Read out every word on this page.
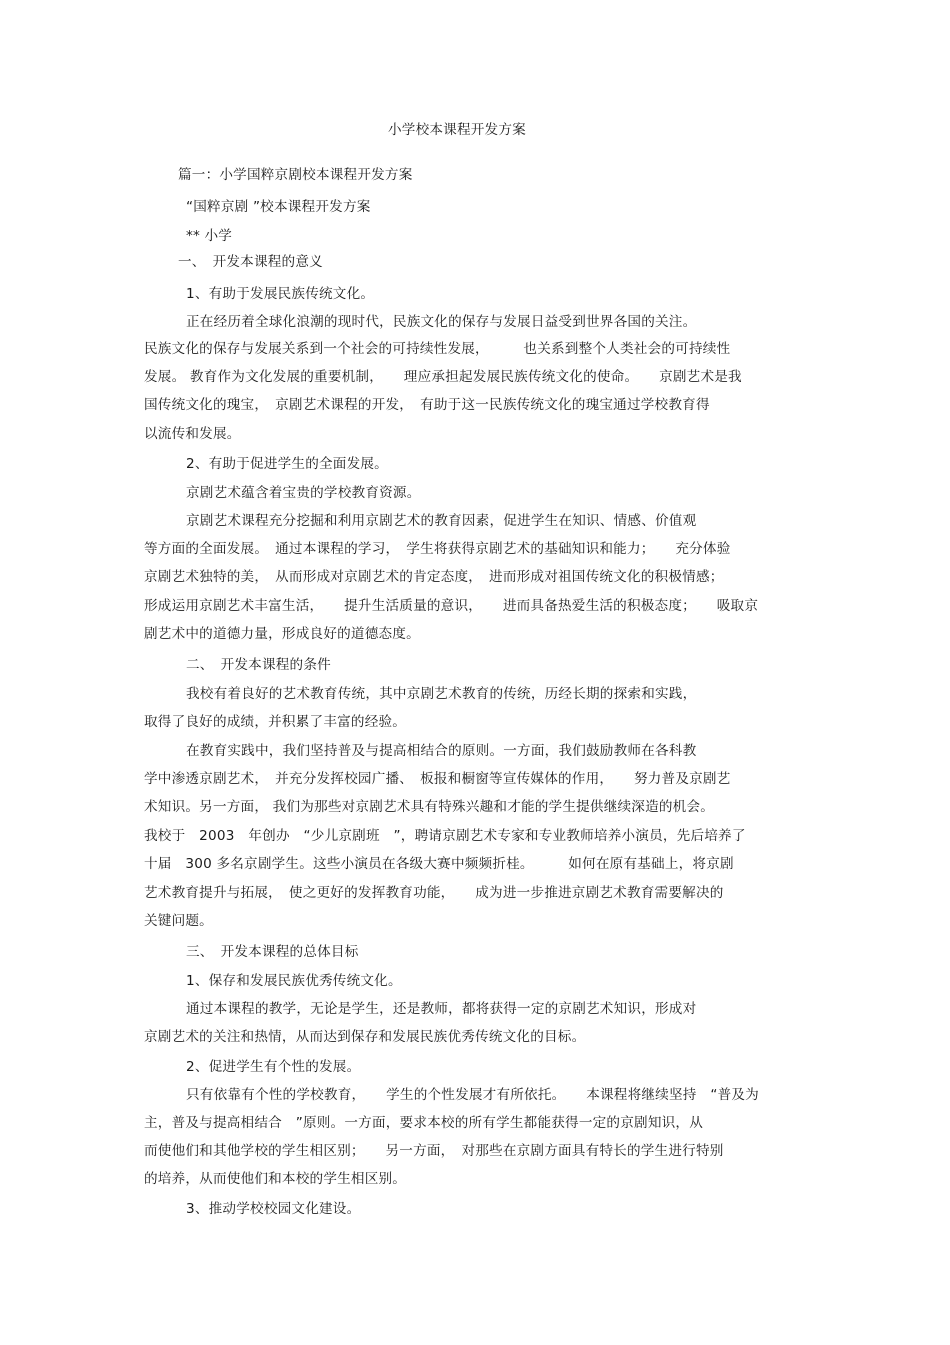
小学校本课程开发方案
篇一：小学国粹京剧校本课程开发方案
“国粹京剧 ”校本课程开发方案
** 小学
一、　开发本课程的意义
1、有助于发展民族传统文化。
正在经历着全球化浪潮的现时代，民族文化的保存与发展日益受到世界各国的关注。
民族文化的保存与发展关系到一个社会的可持续性发展，　　　也关系到整个人类社会的可持续性
发展。 教育作为文化发展的重要机制，　　理应承担起发展民族传统文化的使命。　　京剧艺术是我
国传统文化的瑰宝，　京剧艺术课程的开发，　有助于这一民族传统文化的瑰宝通过学校教育得
以流传和发展。
2、有助于促进学生的全面发展。
京剧艺术蕴含着宝贵的学校教育资源。
京剧艺术课程充分挖掘和利用京剧艺术的教育因素，促进学生在知识、情感、价值观
等方面的全面发展。　通过本课程的学习，　学生将获得京剧艺术的基础知识和能力；　　充分体验
京剧艺术独特的美，　从而形成对京剧艺术的肯定态度，　进而形成对祖国传统文化的积极情感；
形成运用京剧艺术丰富生活，　　提升生活质量的意识，　　进而具备热爱生活的积极态度；　　吸取京
剧艺术中的道德力量，形成良好的道德态度。
二、　开发本课程的条件
我校有着良好的艺术教育传统，其中京剧艺术教育的传统，历经长期的探索和实践，
取得了良好的成绩，并积累了丰富的经验。
在教育实践中，我们坚持普及与提高相结合的原则。一方面，我们鼓励教师在各科教
学中渗透京剧艺术，　并充分发挥校园广播、　板报和橱窗等宣传媒体的作用，　　努力普及京剧艺
术知识。另一方面， 我们为那些对京剧艺术具有特殊兴趣和才能的学生提供继续深造的机会。
我校于　2003　年创办　“少儿京剧班　”，聘请京剧艺术专家和专业教师培养小演员，先后培养了
十届　300 多名京剧学生。这些小演员在各级大赛中频频折桂。　　　如何在原有基础上，将京剧
艺术教育提升与拓展，　使之更好的发挥教育功能，　　成为进一步推进京剧艺术教育需要解决的
关键问题。
三、　开发本课程的总体目标
1、保存和发展民族优秀传统文化。
通过本课程的教学，无论是学生，还是教师，都将获得一定的京剧艺术知识，形成对
京剧艺术的关注和热情，从而达到保存和发展民族优秀传统文化的目标。
2、促进学生有个性的发展。
只有依靠有个性的学校教育，　　学生的个性发展才有所依托。　　本课程将继续坚持　“普及为
主，普及与提高相结合　”原则。一方面，要求本校的所有学生都能获得一定的京剧知识，从
而使他们和其他学校的学生相区别；　　另一方面，　对那些在京剧方面具有特长的学生进行特别
的培养，从而使他们和本校的学生相区别。
3、推动学校校园文化建设。
